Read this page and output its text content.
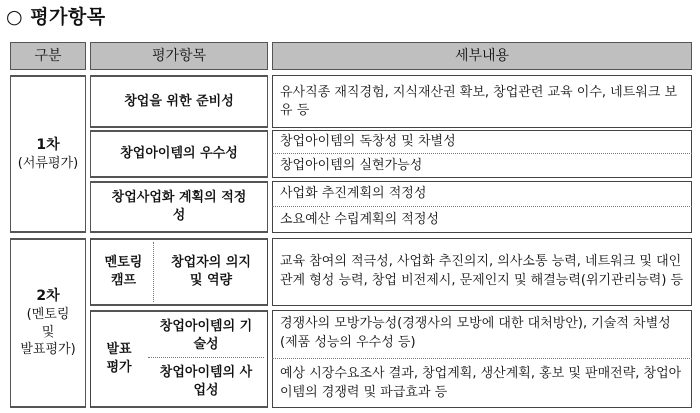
○ 평가항목
구분	평가항목	세부내용
1차
(서류평가)
창업을 위한 준비성
유사직종 재직경험, 지식재산권 확보, 창업관련 교육 이수, 네트워크 보유 등
창업아이템의 우수성
창업아이템의 독창성 및 차별성
창업아이템의 실현가능성
창업사업화 계획의 적정성
사업화 추진계획의 적정성
소요예산 수립계획의 적정성
2차
(멘토링
및
발표평가)
멘토링 캠프
창업자의 의지 및 역량
교육 참여의 적극성, 사업화 추진의지, 의사소통 능력, 네트워크 및 대인관계 형성 능력, 창업 비전제시, 문제인지 및 해결능력(위기관리능력) 등
발표 평가
창업아이템의 기술성
창업아이템의 사업성
경쟁사의 모방가능성(경쟁사의 모방에 대한 대처방안), 기술적 차별성(제품 성능의 우수성 등)
예상 시장수요조사 결과, 창업계획, 생산계획, 홍보 및 판매전략, 창업아이템의 경쟁력 및 파급효과 등
